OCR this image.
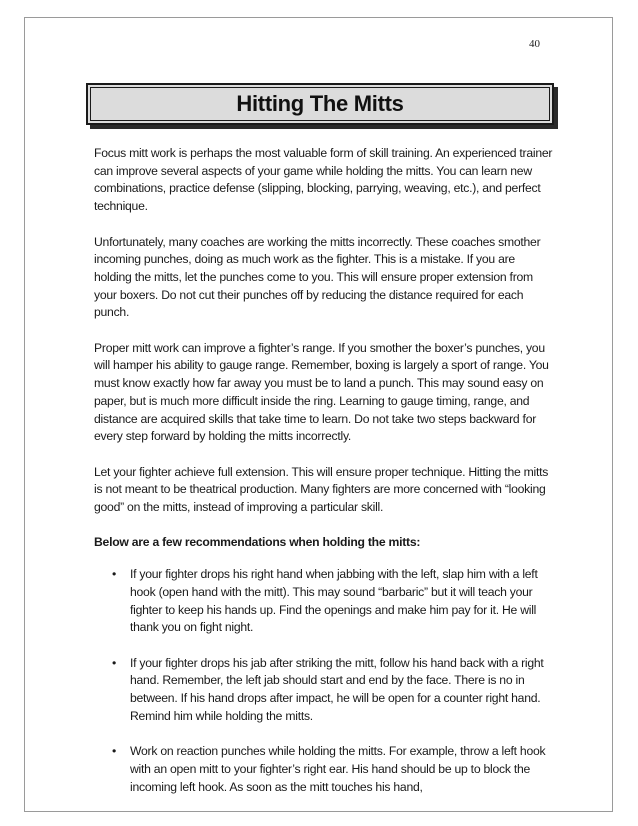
40
Hitting The Mitts

Focus mitt work is perhaps the most valuable form of skill training. An experienced trainer can improve several aspects of your game while holding the mitts. You can learn new combinations, practice defense (slipping, blocking, parrying, weaving, etc.), and perfect technique.

Unfortunately, many coaches are working the mitts incorrectly. These coaches smother incoming punches, doing as much work as the fighter. This is a mistake. If you are holding the mitts, let the punches come to you. This will ensure proper extension from your boxers. Do not cut their punches off by reducing the distance required for each punch.

Proper mitt work can improve a fighter’s range. If you smother the boxer’s punches, you will hamper his ability to gauge range. Remember, boxing is largely a sport of range. You must know exactly how far away you must be to land a punch. This may sound easy on paper, but is much more difficult inside the ring. Learning to gauge timing, range, and distance are acquired skills that take time to learn. Do not take two steps backward for every step forward by holding the mitts incorrectly.

Let your fighter achieve full extension. This will ensure proper technique. Hitting the mitts is not meant to be theatrical production. Many fighters are more concerned with “looking good” on the mitts, instead of improving a particular skill.

Below are a few recommendations when holding the mitts:

• If your fighter drops his right hand when jabbing with the left, slap him with a left hook (open hand with the mitt). This may sound “barbaric” but it will teach your fighter to keep his hands up. Find the openings and make him pay for it. He will thank you on fight night.
• If your fighter drops his jab after striking the mitt, follow his hand back with a right hand. Remember, the left jab should start and end by the face. There is no in between. If his hand drops after impact, he will be open for a counter right hand. Remind him while holding the mitts.
• Work on reaction punches while holding the mitts. For example, throw a left hook with an open mitt to your fighter’s right ear. His hand should be up to block the incoming left hook. As soon as the mitt touches his hand,
